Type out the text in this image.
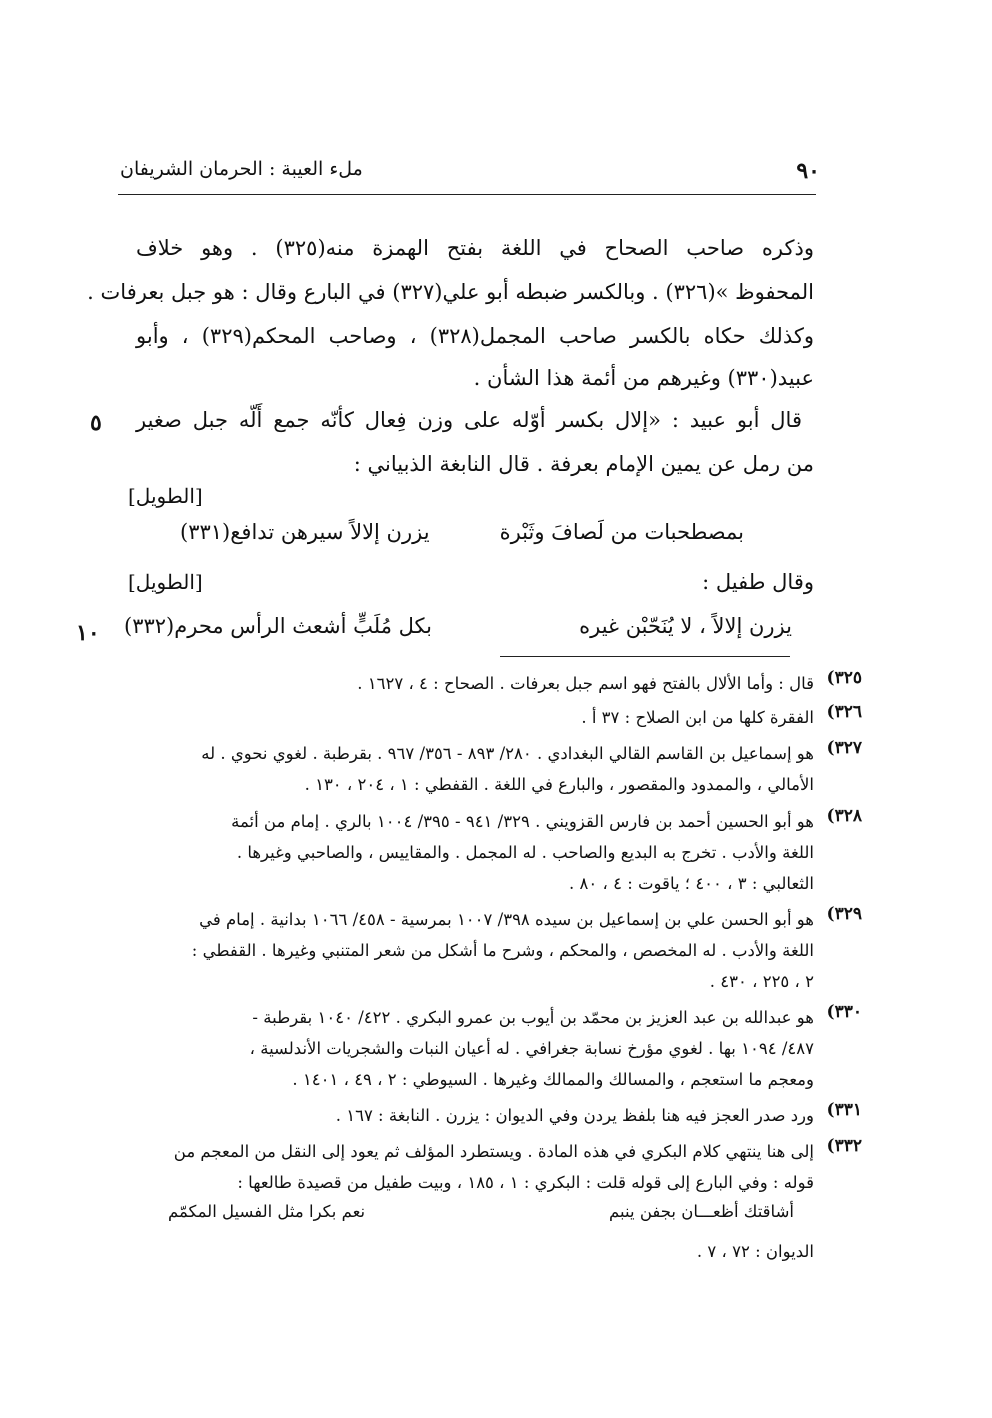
٩٠
ملء العيبة : الحرمان الشريفان
وذكره صاحب الصحاح في اللغة بفتح الهمزة منه(٣٢٥) . وهو خلاف
المحفوظ »(٣٢٦) . وبالكسر ضبطه أبو علي(٣٢٧) في البارع وقال : هو جبل بعرفات .
وكذلك حكاه بالكسر صاحب المجمل(٣٢٨) ، وصاحب المحكم(٣٢٩) ، وأبو
عبيد(٣٣٠) وغيرهم من أئمة هذا الشأن .
قال أبو عبيد : «إلال بكسر أوّله على وزن فِعال كأنّه جمع أَلّه جبل صغير
من رمل عن يمين الإمام بعرفة . قال النابغة الذبياني :
٥
١٠
[الطويل]
بمصطحبات من لَصافَ وثَبْرة
يزرن إلالاً سيرهن تدافع(٣٣١)
وقال طفيل :
[الطويل]
يزرن إلالاً ، لا يُنَحّبْن غيره
بكل مُلَبٍّ أشعث الرأس محرم(٣٣٢)
٣٢٥)
قال : وأما الألال بالفتح فهو اسم جبل بعرفات . الصحاح : ٤ ، ١٦٢٧ .
٣٢٦)
الفقرة كلها من ابن الصلاح : ٣٧ أ .
٣٢٧)
هو إسماعيل بن القاسم القالي البغدادي . ٢٨٠/ ٨٩٣ - ٣٥٦/ ٩٦٧ . بقرطبة . لغوي نحوي . له
الأمالي ، والممدود والمقصور ، والبارع في اللغة . القفطي : ١ ، ٢٠٤ ، ١٣٠ .
٣٢٨)
هو أبو الحسين أحمد بن فارس القزويني . ٣٢٩/ ٩٤١ - ٣٩٥/ ١٠٠٤ بالري . إمام من أئمة
اللغة والأدب . تخرج به البديع والصاحب . له المجمل . والمقاييس ، والصاحبي وغيرها .
الثعالبي : ٣ ، ٤٠٠ ؛ ياقوت : ٤ ، ٨٠ .
٣٢٩)
هو أبو الحسن علي بن إسماعيل بن سيده ٣٩٨/ ١٠٠٧ بمرسية - ٤٥٨/ ١٠٦٦ بدانية . إمام في
اللغة والأدب . له المخصص ، والمحكم ، وشرح ما أشكل من شعر المتنبي وغيرها . القفطي :
٢ ، ٢٢٥ ، ٤٣٠ .
٣٣٠)
هو عبدالله بن عبد العزيز بن محمّد بن أيوب بن عمرو البكري . ٤٢٢/ ١٠٤٠ بقرطبة -
٤٨٧/ ١٠٩٤ بها . لغوي مؤرخ نسابة جغرافي . له أعيان النبات والشجريات الأندلسية ،
ومعجم ما استعجم ، والمسالك والممالك وغيرها . السيوطي : ٢ ، ٤٩ ، ١٤٠١ .
٣٣١)
ورد صدر العجز فيه هنا بلفظ يردن وفي الديوان : يزرن . النابغة : ١٦٧ .
٣٣٢)
إلى هنا ينتهي كلام البكري في هذه المادة . ويستطرد المؤلف ثم يعود إلى النقل من المعجم من
قوله : وفي البارع إلى قوله قلت : البكري : ١ ، ١٨٥ ، وبيت طفيل من قصيدة طالعها :
أشاقتك أظعـــان بجفن ينبم
نعم بكرا مثل الفسيل المكمّم
الديوان : ٧٢ ، ٧ .
